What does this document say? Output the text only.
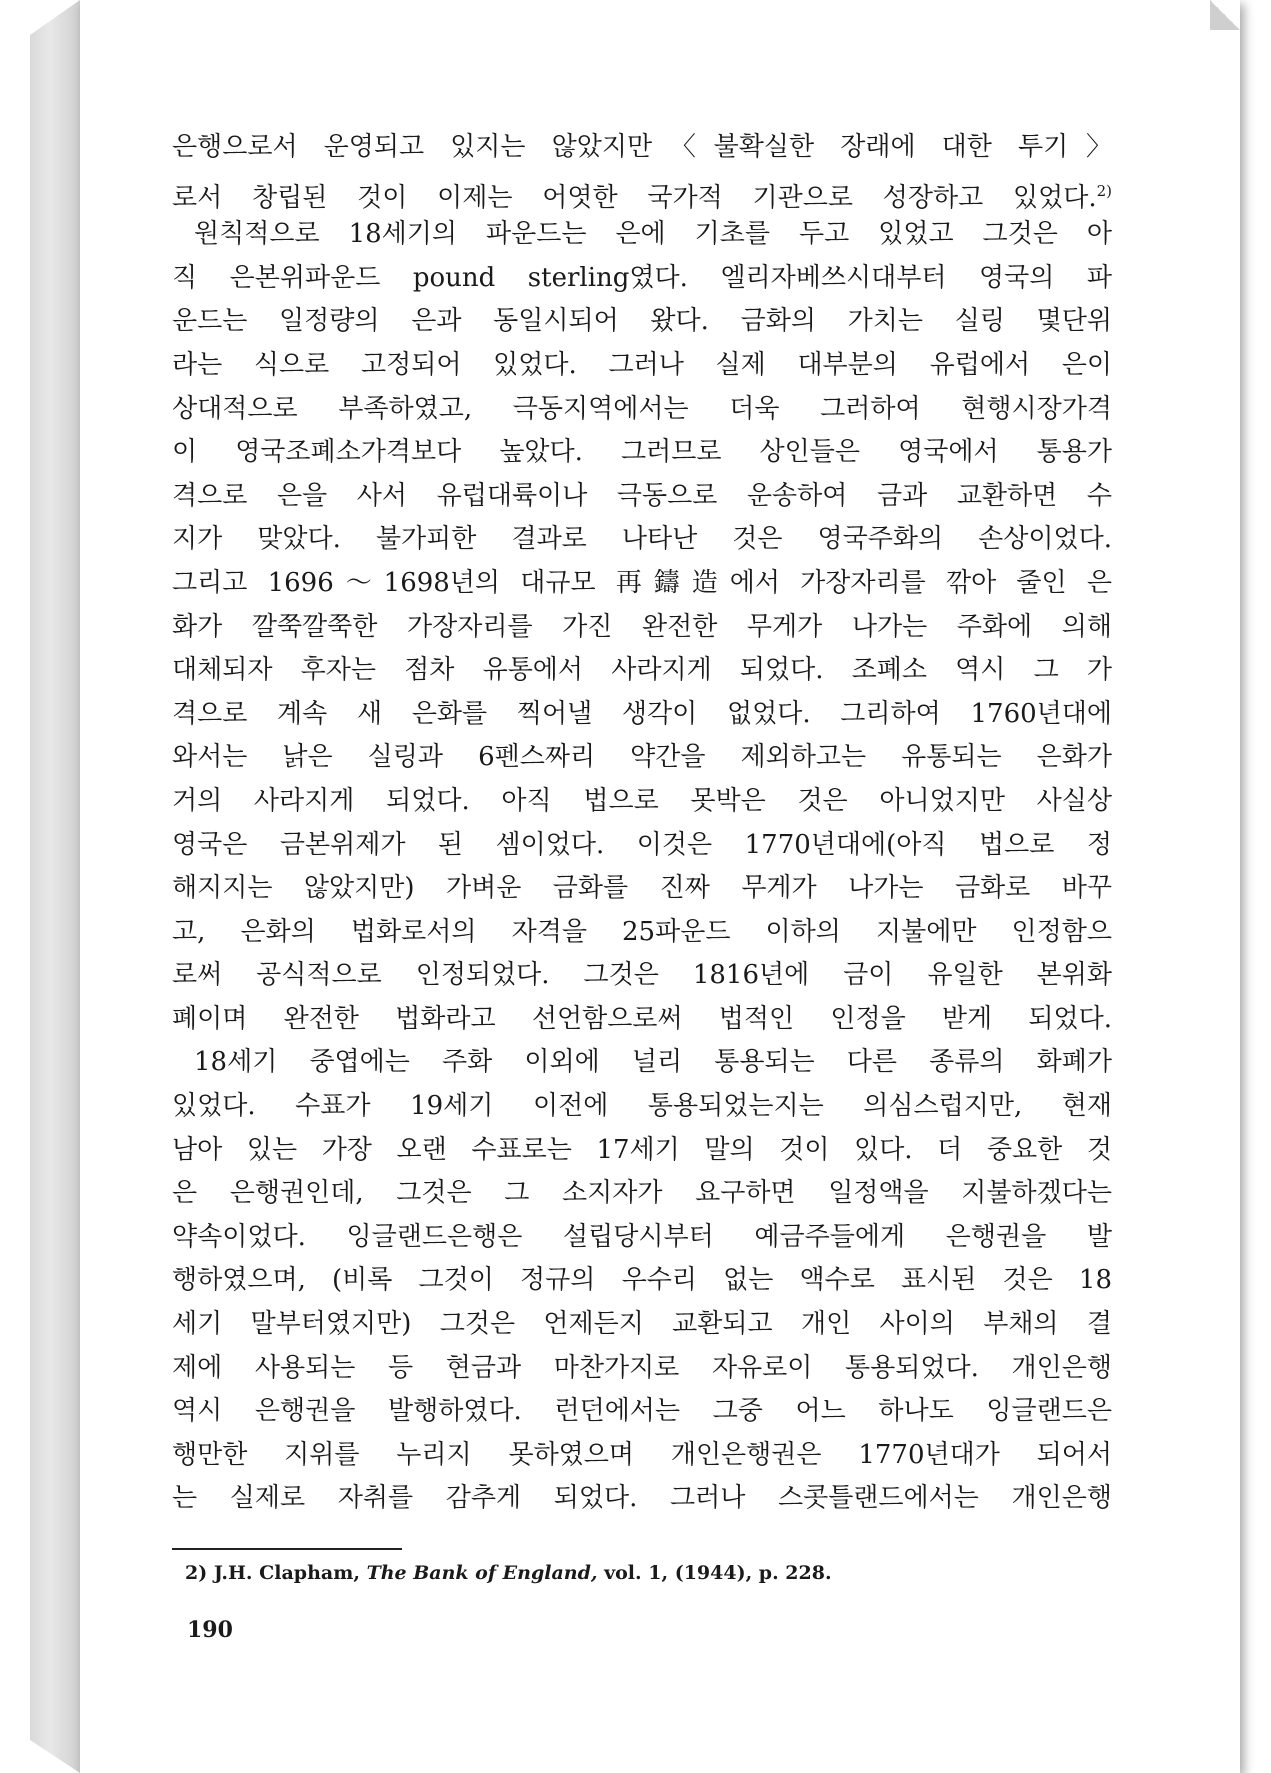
은행으로서 운영되고 있지는 않았지만〈불확실한 장래에 대한 투기〉
로서 창립된 것이 이제는 어엿한 국가적 기관으로 성장하고 있었다.$^{2)}$
원칙적으로 18세기의 파운드는 은에 기초를 두고 있었고 그것은 아
직 은본위파운드 pound sterling였다. 엘리자베쓰시대부터 영국의 파
운드는 일정량의 은과 동일시되어 왔다. 금화의 가치는 실링 몇단위
라는 식으로 고정되어 있었다. 그러나 실제 대부분의 유럽에서 은이
상대적으로 부족하였고, 극동지역에서는 더욱 그러하여 현행시장가격
이 영국조폐소가격보다 높았다. 그러므로 상인들은 영국에서 통용가
격으로 은을 사서 유럽대륙이나 극동으로 운송하여 금과 교환하면 수
지가 맞았다. 불가피한 결과로 나타난 것은 영국주화의 손상이었다.
그리고 1696～1698년의 대규모 再鑄造에서 가장자리를 깎아 줄인 은
화가 깔쭉깔쭉한 가장자리를 가진 완전한 무게가 나가는 주화에 의해
대체되자 후자는 점차 유통에서 사라지게 되었다. 조폐소 역시 그 가
격으로 계속 새 은화를 찍어낼 생각이 없었다. 그리하여 1760년대에
와서는 낡은 실링과 6펜스짜리 약간을 제외하고는 유통되는 은화가
거의 사라지게 되었다. 아직 법으로 못박은 것은 아니었지만 사실상
영국은 금본위제가 된 셈이었다. 이것은 1770년대에(아직 법으로 정
해지지는 않았지만) 가벼운 금화를 진짜 무게가 나가는 금화로 바꾸
고, 은화의 법화로서의 자격을 25파운드 이하의 지불에만 인정함으
로써 공식적으로 인정되었다. 그것은 1816년에 금이 유일한 본위화
폐이며 완전한 법화라고 선언함으로써 법적인 인정을 받게 되었다.
18세기 중엽에는 주화 이외에 널리 통용되는 다른 종류의 화폐가
있었다. 수표가 19세기 이전에 통용되었는지는 의심스럽지만, 현재
남아 있는 가장 오랜 수표로는 17세기 말의 것이 있다. 더 중요한 것
은 은행권인데, 그것은 그 소지자가 요구하면 일정액을 지불하겠다는
약속이었다. 잉글랜드은행은 설립당시부터 예금주들에게 은행권을 발
행하였으며, (비록 그것이 정규의 우수리 없는 액수로 표시된 것은 18
세기 말부터였지만) 그것은 언제든지 교환되고 개인 사이의 부채의 결
제에 사용되는 등 현금과 마찬가지로 자유로이 통용되었다. 개인은행
역시 은행권을 발행하였다. 런던에서는 그중 어느 하나도 잉글랜드은
행만한 지위를 누리지 못하였으며 개인은행권은 1770년대가 되어서
는 실제로 자취를 감추게 되었다. 그러나 스콧틀랜드에서는 개인은행
2) J.H. Clapham, The Bank of England, vol. 1, (1944), p. 228.
190
